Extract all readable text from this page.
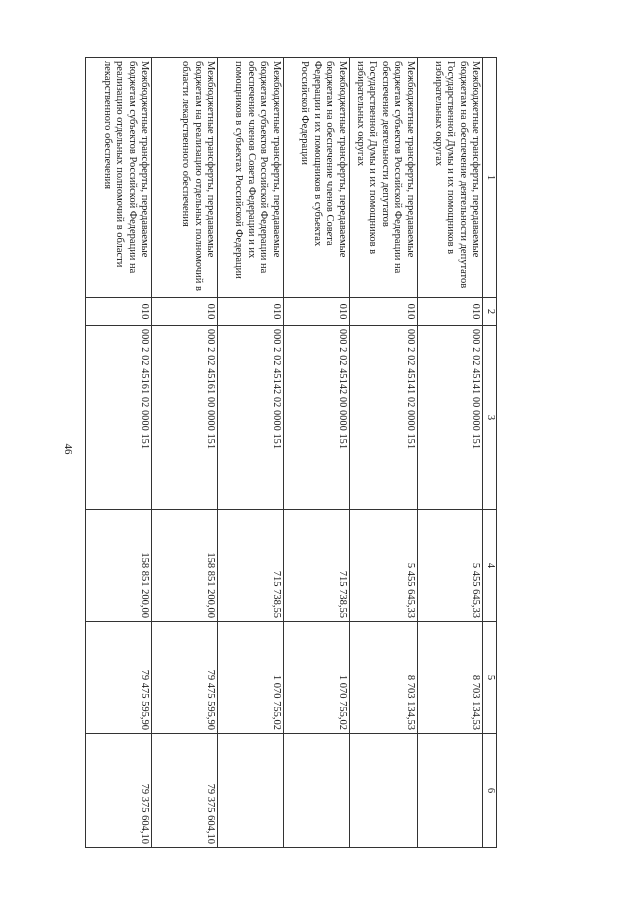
46
1	2	3	4	5	6
Межбюджетные трансферты, передаваемые бюджетам на обеспечение деятельности депутатов Государственной Думы и их помощников в избирательных округах	010	000 2 02 45141 00 0000 151	5 455 645,33	8 703 134,53	
Межбюджетные трансферты, передаваемые бюджетам субъектов Российской Федерации на обеспечение деятельности депутатов Государственной Думы и их помощников в избирательных округах	010	000 2 02 45141 02 0000 151	5 455 645,33	8 703 134,53	
Межбюджетные трансферты, передаваемые бюджетам на обеспечение членов Совета Федерации и их помощников в субъектах Российской Федерации	010	000 2 02 45142 00 0000 151	715 738,55	1 070 755,02	
Межбюджетные трансферты, передаваемые бюджетам субъектов Российской Федерации на обеспечение членов Совета Федерации и их помощников в субъектах Российской Федерации	010	000 2 02 45142 02 0000 151	715 738,55	1 070 755,02	
Межбюджетные трансферты, передаваемые бюджетам на реализацию отдельных полномочий в области лекарственного обеспечения	010	000 2 02 45161 00 0000 151	158 851 200,00	79 475 595,90	79 375 604,10
Межбюджетные трансферты, передаваемые бюджетам субъектов Российской Федерации на реализацию отдельных полномочий в области лекарственного обеспечения	010	000 2 02 45161 02 0000 151	158 851 200,00	79 475 595,90	79 375 604,10
